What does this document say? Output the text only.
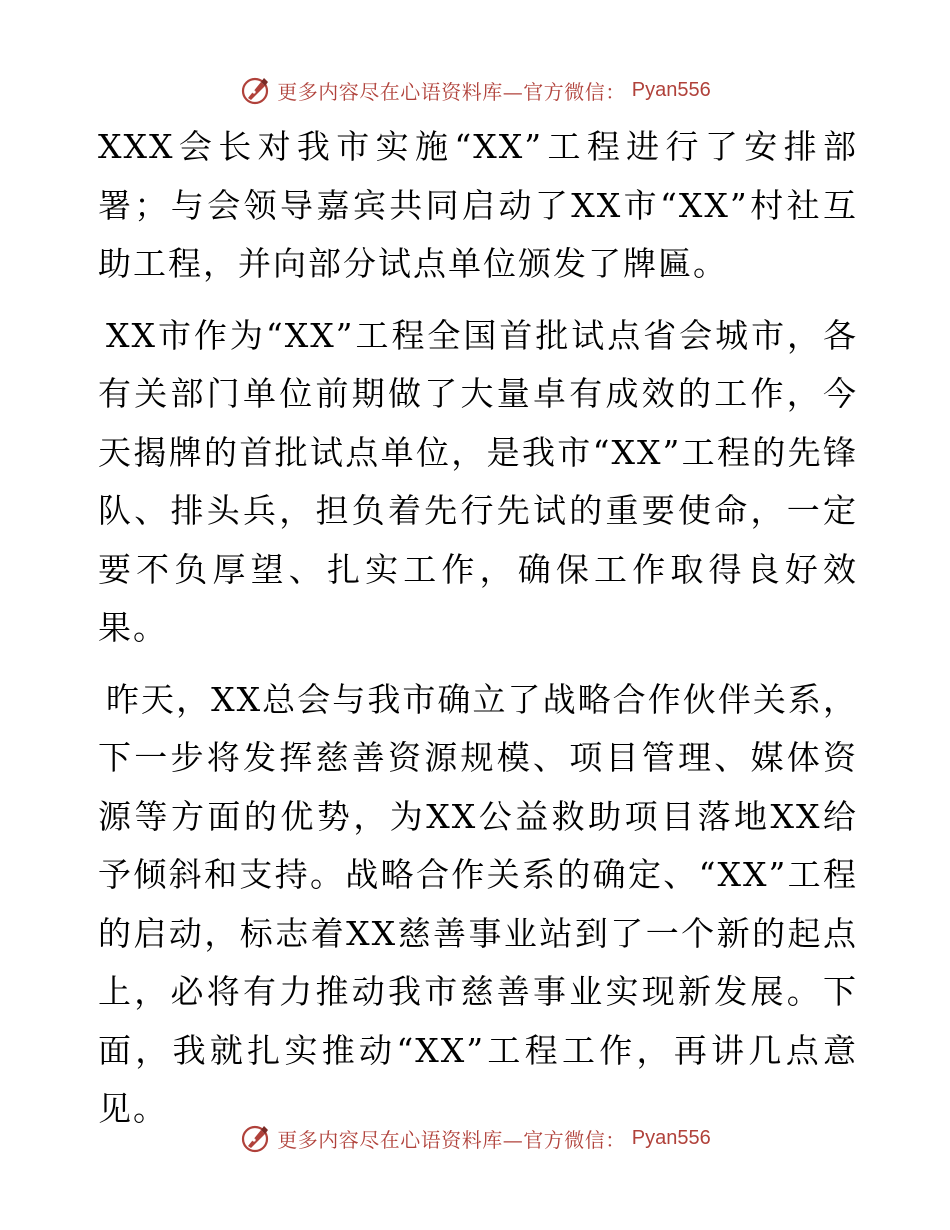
更多内容尽在心语资料库—官方微信： Pyan556

XXX会长对我市实施“XX”工程进行了安排部署；与会领导嘉宾共同启动了XX市“XX”村社互助工程，并向部分试点单位颁发了牌匾。

XX市作为“XX”工程全国首批试点省会城市，各有关部门单位前期做了大量卓有成效的工作，今天揭牌的首批试点单位，是我市“XX”工程的先锋队、排头兵，担负着先行先试的重要使命，一定要不负厚望、扎实工作，确保工作取得良好效果。

昨天，XX总会与我市确立了战略合作伙伴关系，下一步将发挥慈善资源规模、项目管理、媒体资源等方面的优势，为XX公益救助项目落地XX给予倾斜和支持。战略合作关系的确定、“XX”工程的启动，标志着XX慈善事业站到了一个新的起点上，必将有力推动我市慈善事业实现新发展。下面，我就扎实推动“XX”工程工作，再讲几点意见。

更多内容尽在心语资料库—官方微信： Pyan556
